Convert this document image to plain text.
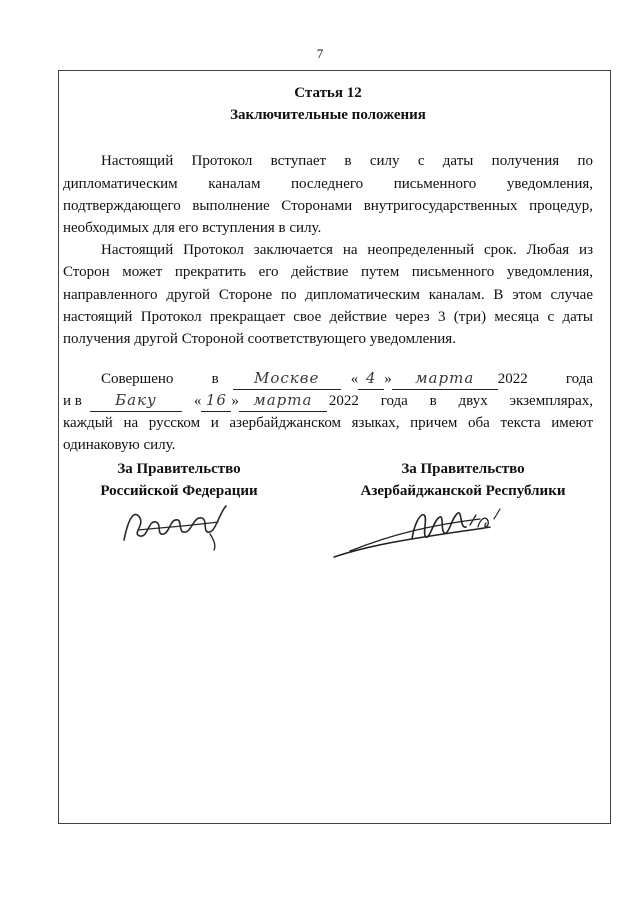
7

Статья 12

Заключительные положения

Настоящий Протокол вступает в силу с даты получения по дипломатическим каналам последнего письменного уведомления, подтверждающего выполнение Сторонами внутригосударственных процедур, необходимых для его вступления в силу.

Настоящий Протокол заключается на неопределенный срок. Любая из Сторон может прекратить его действие путем письменного уведомления, направленного другой Стороне по дипломатическим каналам. В этом случае настоящий Протокол прекращает свое действие через 3 (три) месяца с даты получения другой Стороной соответствующего уведомления.

Совершено	в	Москве	« 4 »	марта	2022	года
и в	Баку	« 16 » марта	2022 года в двух экземплярах,

каждый на русском и азербайджанском языках, причем оба текста имеют

одинаковую силу.

За Правительство
Российской Федерации
За Правительство
Азербайджанской Республики
